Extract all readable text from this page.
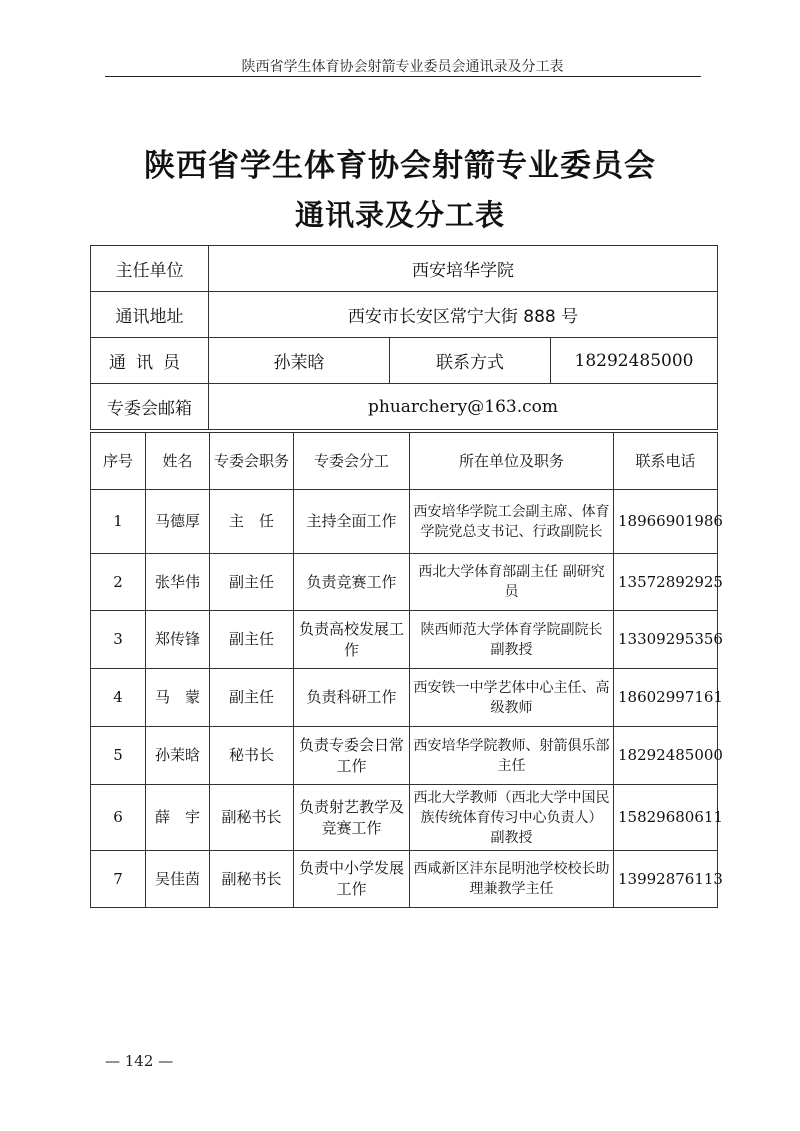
陕西省学生体育协会射箭专业委员会通讯录及分工表
陕西省学生体育协会射箭专业委员会
通讯录及分工表
主任单位	西安培华学院		
通讯地址	西安市长安区常宁大街 888 号		
通讯员	孙茉晗	联系方式	18292485000
专委会邮箱	phuarchery@163.com		
序号	姓名	专委会职务	专委会分工	所在单位及职务	联系电话
1	马德厚	主　任	主持全面工作	西安培华学院工会副主席、体育学院党总支书记、行政副院长	18966901986
2	张华伟	副主任	负责竞赛工作	西北大学体育部副主任 副研究员	13572892925
3	郑传锋	副主任	负责高校发展工作	陕西师范大学体育学院副院长 副教授	13309295356
4	马　蒙	副主任	负责科研工作	西安铁一中学艺体中心主任、高级教师	18602997161
5	孙茉晗	秘书长	负责专委会日常工作	西安培华学院教师、射箭俱乐部主任	18292485000
6	薛　宇	副秘书长	负责射艺教学及竞赛工作	西北大学教师（西北大学中国民族传统体育传习中心负责人） 副教授	15829680611
7	吴佳茵	副秘书长	负责中小学发展工作	西咸新区沣东昆明池学校校长助理兼教学主任	13992876113
— 142 —
